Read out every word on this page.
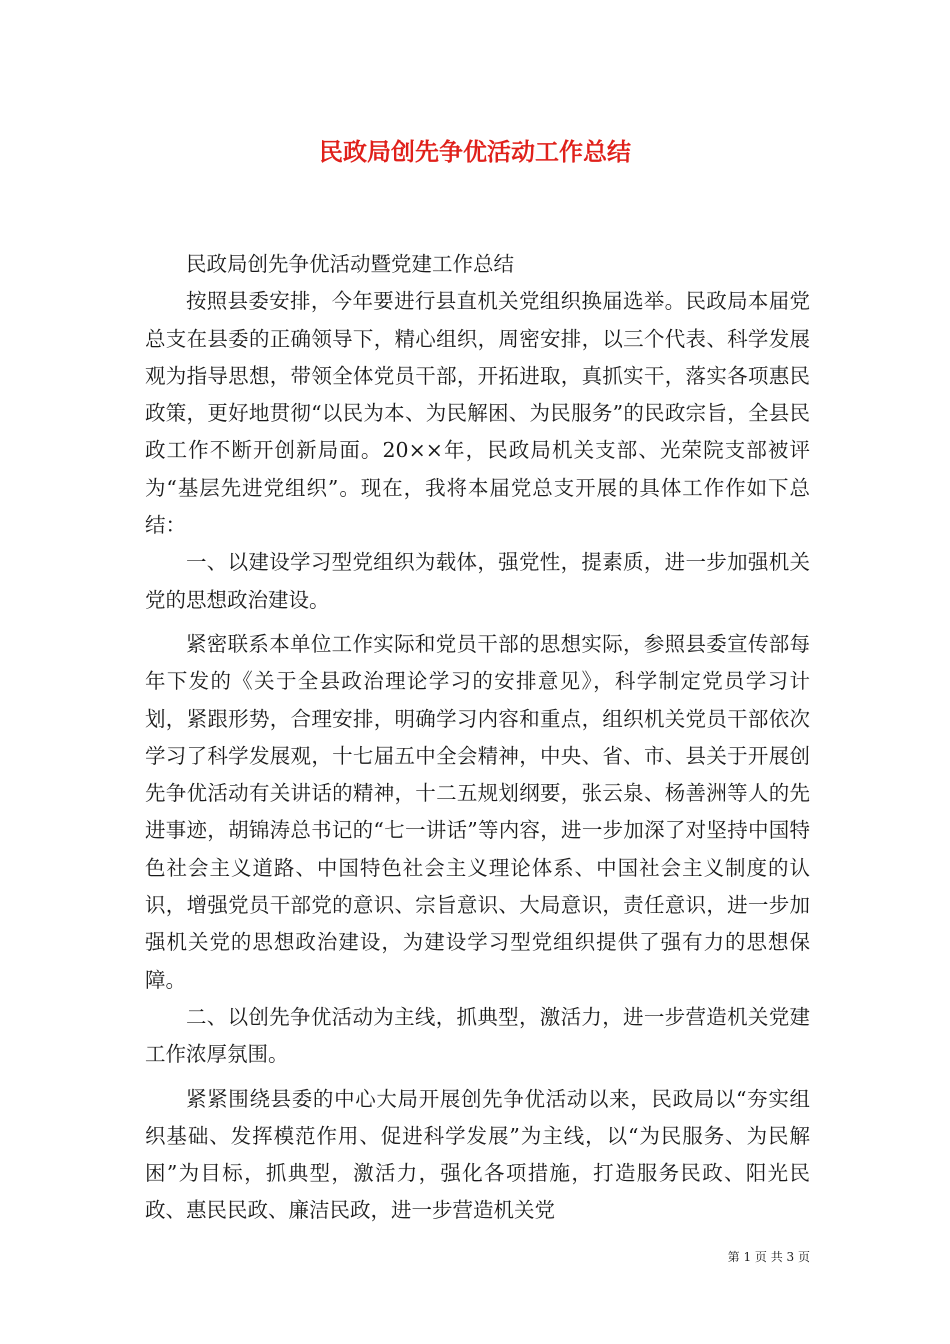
民政局创先争优活动工作总结

民政局创先争优活动暨党建工作总结

按照县委安排，今年要进行县直机关党组织换届选举。民政局本届党总支在县委的正确领导下，精心组织，周密安排，以三个代表、科学发展观为指导思想，带领全体党员干部，开拓进取，真抓实干，落实各项惠民政策，更好地贯彻“以民为本、为民解困、为民服务”的民政宗旨，全县民政工作不断开创新局面。20××年，民政局机关支部、光荣院支部被评为“基层先进党组织”。现在，我将本届党总支开展的具体工作作如下总结：

一、以建设学习型党组织为载体，强党性，提素质，进一步加强机关党的思想政治建设。

紧密联系本单位工作实际和党员干部的思想实际，参照县委宣传部每年下发的《关于全县政治理论学习的安排意见》，科学制定党员学习计划，紧跟形势，合理安排，明确学习内容和重点，组织机关党员干部依次学习了科学发展观，十七届五中全会精神，中央、省、市、县关于开展创先争优活动有关讲话的精神，十二五规划纲要，张云泉、杨善洲等人的先进事迹，胡锦涛总书记的“七一讲话”等内容，进一步加深了对坚持中国特色社会主义道路、中国特色社会主义理论体系、中国社会主义制度的认识，增强党员干部党的意识、宗旨意识、大局意识，责任意识，进一步加强机关党的思想政治建设，为建设学习型党组织提供了强有力的思想保障。

二、以创先争优活动为主线，抓典型，激活力，进一步营造机关党建工作浓厚氛围。

紧紧围绕县委的中心大局开展创先争优活动以来，民政局以“夯实组织基础、发挥模范作用、促进科学发展”为主线，以“为民服务、为民解困”为目标，抓典型，激活力，强化各项措施，打造服务民政、阳光民政、惠民民政、廉洁民政，进一步营造机关党

第 1 页 共 3 页
